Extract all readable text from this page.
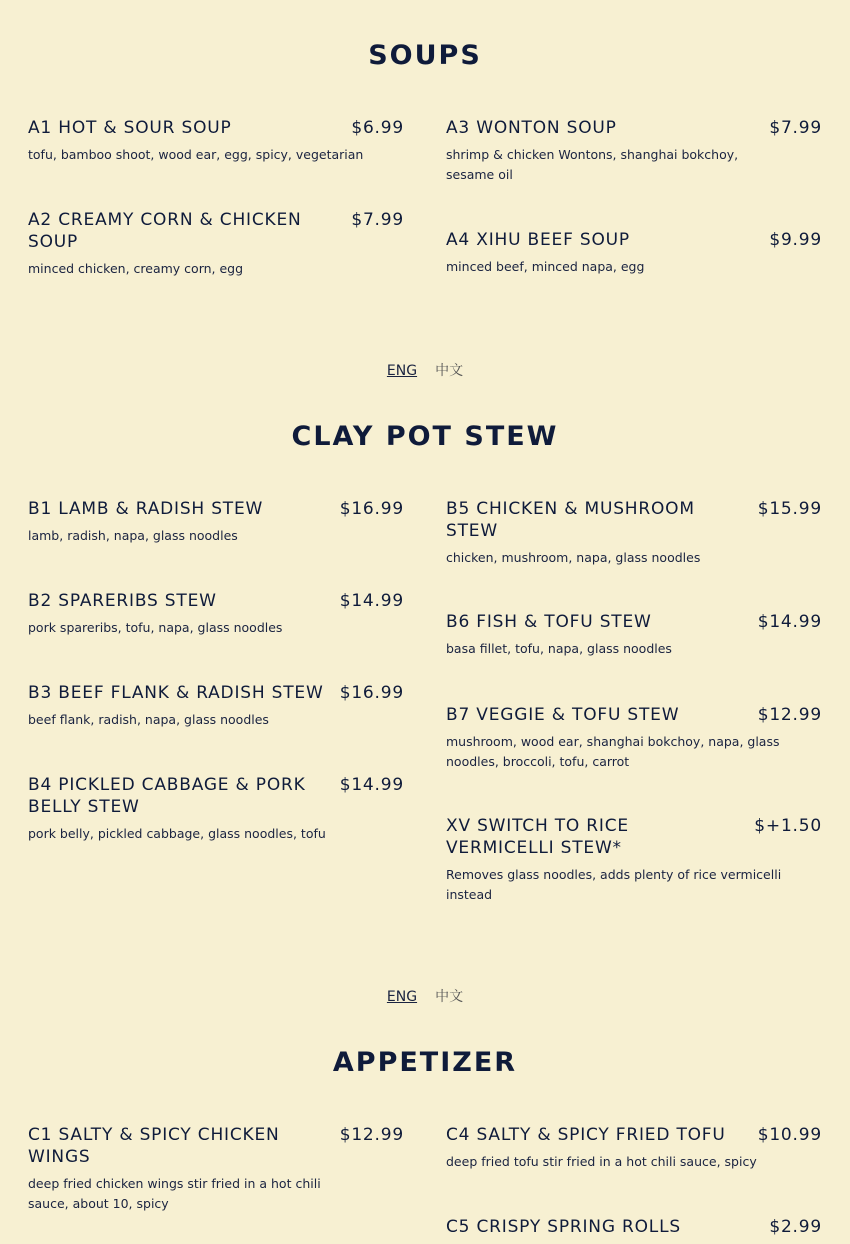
SOUPS
A1 HOT & SOUR SOUP	$6.99
tofu, bamboo shoot, wood ear, egg, spicy, vegetarian
A3 WONTON SOUP	$7.99
shrimp & chicken Wontons, shanghai bokchoy, sesame oil
A2 CREAMY CORN & CHICKEN SOUP
$7.99
minced chicken, creamy corn, egg
A4 XIHU BEEF SOUP	$9.99
minced beef, minced napa, egg
ENG 中文
CLAY POT STEW
B1 LAMB & RADISH STEW	$16.99
lamb, radish, napa, glass noodles
B5 CHICKEN & MUSHROOM STEW
$15.99
chicken, mushroom, napa, glass noodles
B2 SPARERIBS STEW	$14.99
pork spareribs, tofu, napa, glass noodles	B6 FISH & TOFU STEW	$14.99
basa fillet, tofu, napa, glass noodles
B3 BEEF FLANK & RADISH STEW $16.99
beef flank, radish, napa, glass noodles	B7 VEGGIE & TOFU STEW	$12.99
mushroom, wood ear, shanghai bokchoy, napa, glass noodles, broccoli, tofu, carrot
B4 PICKLED CABBAGE & PORK BELLY STEW
$14.99
pork belly, pickled cabbage, glass noodles, tofu	XV SWITCH TO RICE VERMICELLI STEW*
$+1.50
Removes glass noodles, adds plenty of rice vermicelli instead
ENG 中文
APPETIZER
C1 SALTY & SPICY CHICKEN WINGS
$12.99
deep fried chicken wings stir fried in a hot chili sauce, about 10, spicy
C4 SALTY & SPICY FRIED TOFU	$10.99
deep fried tofu stir fried in a hot chili sauce, spicy
C5 CRISPY SPRING ROLLS	$2.99
